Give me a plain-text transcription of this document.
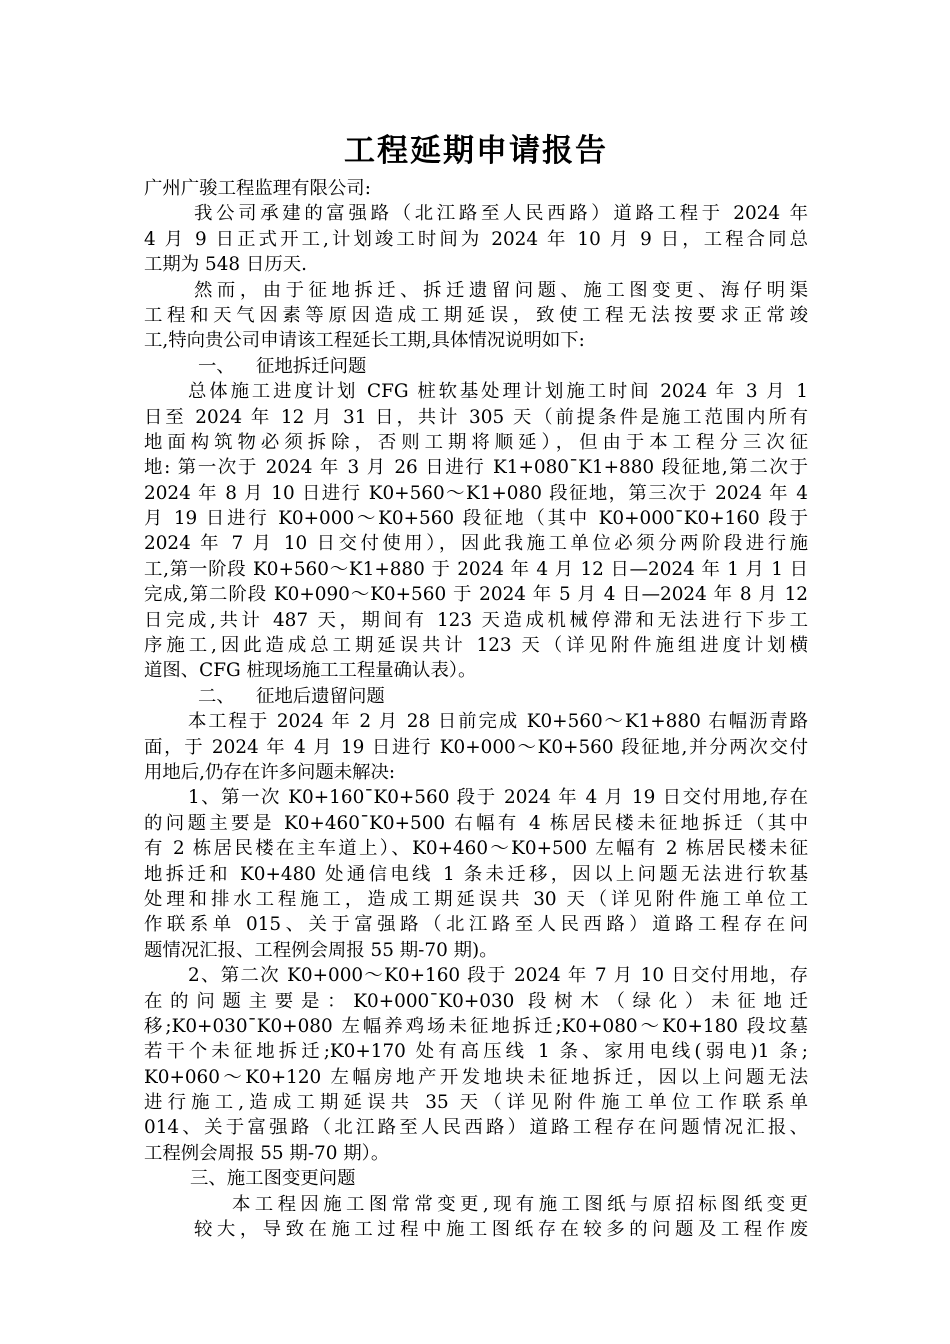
工程延期申请报告
广州广骏工程监理有限公司:
我公司承建的富强路（北江路至人民西路）道路工程于 2024 年
4 月 9 日正式开工,计划竣工时间为 2024 年 10 月 9 日，工程合同总
工期为 548 日历天.
然而，由于征地拆迁、拆迁遗留问题、施工图变更、海仔明渠
工程和天气因素等原因造成工期延误，致使工程无法按要求正常竣
工,特向贵公司申请该工程延长工期,具体情况说明如下:
一、 征地拆迁问题
总体施工进度计划 CFG 桩软基处理计划施工时间 2024 年 3 月 1
日至 2024 年 12 月 31 日，共计 305 天（前提条件是施工范围内所有
地面构筑物必须拆除，否则工期将顺延），但由于本工程分三次征
地: 第一次于 2024 年 3 月 26 日进行 K1+080¯K1+880 段征地,第二次于
2024 年 8 月 10 日进行 K0+560～K1+080 段征地，第三次于 2024 年 4
月 19 日进行 K0+000～K0+560 段征地（其中 K0+000¯K0+160 段于
2024 年 7 月 10 日交付使用），因此我施工单位必须分两阶段进行施
工,第一阶段 K0+560～K1+880 于 2024 年 4 月 12 日—2024 年 1 月 1 日
完成,第二阶段 K0+090～K0+560 于 2024 年 5 月 4 日—2024 年 8 月 12
日完成,共计 487 天，期间有 123 天造成机械停滞和无法进行下步工
序施工,因此造成总工期延误共计 123 天（详见附件施组进度计划横
道图、CFG 桩现场施工工程量确认表）。
二、 征地后遗留问题
本工程于 2024 年 2 月 28 日前完成 K0+560～K1+880 右幅沥青路
面，于 2024 年 4 月 19 日进行 K0+000～K0+560 段征地,并分两次交付
用地后,仍存在许多问题未解决:
1、第一次 K0+160¯K0+560 段于 2024 年 4 月 19 日交付用地,存在
的问题主要是 K0+460¯K0+500 右幅有 4 栋居民楼未征地拆迁（其中
有 2 栋居民楼在主车道上）、K0+460～K0+500 左幅有 2 栋居民楼未征
地拆迁和 K0+480 处通信电线 1 条未迁移，因以上问题无法进行软基
处理和排水工程施工，造成工期延误共 30 天（详见附件施工单位工
作联系单 015、关于富强路（北江路至人民西路）道路工程存在问
题情况汇报、工程例会周报 55 期-70 期)。
2、第二次 K0+000～K0+160 段于 2024 年 7 月 10 日交付用地，存
在的问题主要是：K0+000¯K0+030 段树木（绿化）未征地迁
移;K0+030¯K0+080 左幅养鸡场未征地拆迁;K0+080～K0+180 段坟墓
若干个未征地拆迁;K0+170 处有高压线 1 条、家用电线(弱电)1 条;
K0+060～K0+120 左幅房地产开发地块未征地拆迁，因以上问题无法
进行施工,造成工期延误共 35 天（详见附件施工单位工作联系单
014、关于富强路（北江路至人民西路）道路工程存在问题情况汇报、
工程例会周报 55 期-70 期）。
三、施工图变更问题
本工程因施工图常常变更,现有施工图纸与原招标图纸变更
较大，导致在施工过程中施工图纸存在较多的问题及工程作废
